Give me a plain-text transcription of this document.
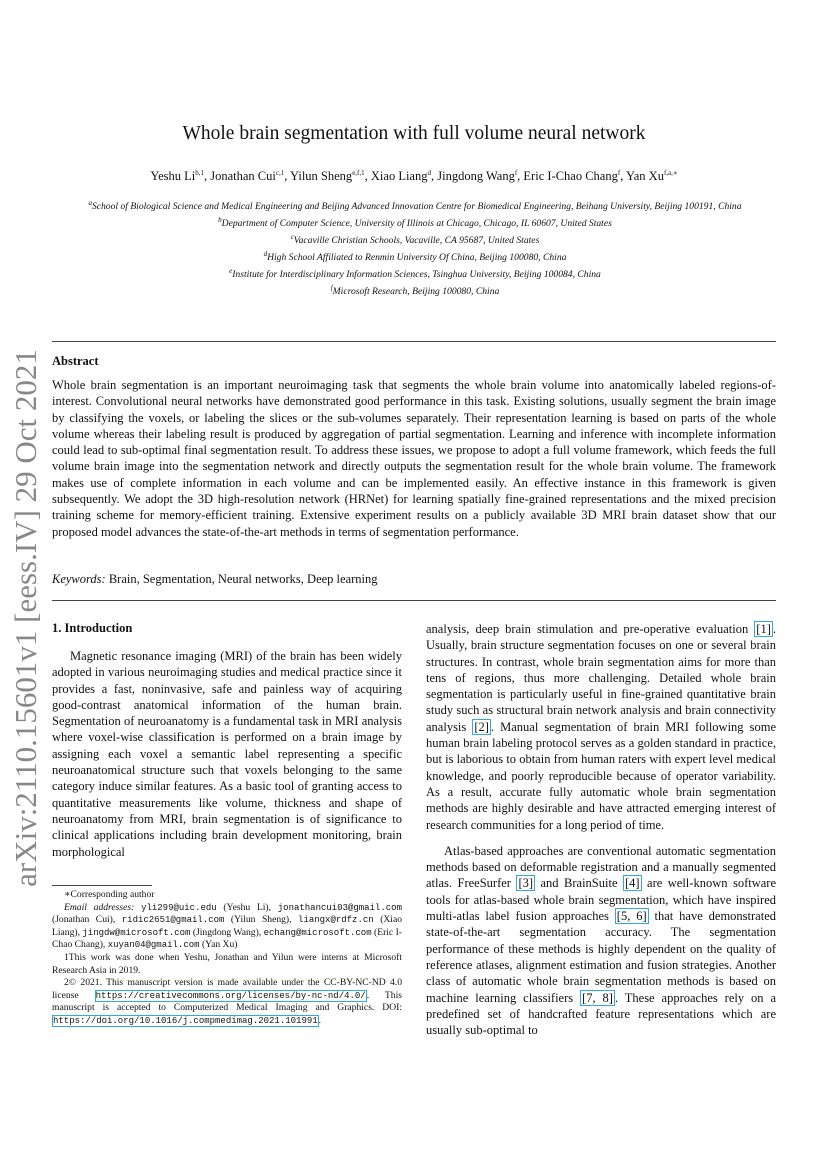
arXiv:2110.15601v1 [eess.IV] 29 Oct 2021
Whole brain segmentation with full volume neural network
Yeshu Li$^{b,1}$, Jonathan Cui$^{c,1}$, Yilun Sheng$^{e,f,1}$, Xiao Liang$^d$, Jingdong Wang$^f$, Eric I-Chao Chang$^f$, Yan $Xu^{f,a,∗}$
$^a$School of Biological Science and Medical Engineering and Beijing Advanced Innovation Centre for Biomedical Engineering, Beihang University, Beijing 100191, China
$^b$Department of Computer Science, University of Illinois at Chicago, Chicago, IL 60607, United States
$^c$Vacaville Christian Schools, Vacaville, CA 95687, United States
$^d$High School Affiliated to Renmin University Of China, Beijing 100080, China
$^e$Institute for Interdisciplinary Information Sciences, Tsinghua University, Beijing 100084, China
$^f$Microsoft Research, Beijing 100080, China
Abstract
Whole brain segmentation is an important neuroimaging task that segments the whole brain volume into anatomically labeled regions-of-interest. Convolutional neural networks have demonstrated good performance in this task. Existing solutions, usually segment the brain image by classifying the voxels, or labeling the slices or the sub-volumes separately. Their representation learning is based on parts of the whole volume whereas their labeling result is produced by aggregation of partial segmentation. Learning and inference with incomplete information could lead to sub-optimal final segmentation result. To address these issues, we propose to adopt a full volume framework, which feeds the full volume brain image into the segmentation network and directly outputs the segmentation result for the whole brain volume. The framework makes use of complete information in each volume and can be implemented easily. An effective instance in this framework is given subsequently. We adopt the 3D high-resolution network (HRNet) for learning spatially fine-grained representations and the mixed precision training scheme for memory-efficient training. Extensive experiment results on a publicly available 3D MRI brain dataset show that our proposed model advances the state-of-the-art methods in terms of segmentation performance.
Keywords: Brain, Segmentation, Neural networks, Deep learning
1. Introduction

Magnetic resonance imaging (MRI) of the brain has been widely adopted in various neuroimaging studies and medical practice since it provides a fast, noninvasive, safe and painless way of acquiring good-contrast anatomical information of the human brain. Segmentation of neuroanatomy is a fundamental task in MRI analysis where voxel-wise classification is performed on a brain image by assigning each voxel a semantic label representing a specific neuroanatomical structure such that voxels belonging to the same category induce similar features. As a basic tool of granting access to quantitative measurements like volume, thickness and shape of neuroanatomy from MRI, brain segmentation is of significance to clinical applications including brain development monitoring, brain morphological

analysis, deep brain stimulation and pre-operative evaluation [1] . Usually, brain structure segmentation focuses on one or several brain structures. In contrast, whole brain segmentation aims for more than tens of regions, thus more challenging. Detailed whole brain segmentation is particularly useful in fine-grained quantitative brain study such as structural brain network analysis and brain connectivity analysis [2] . Manual segmentation of brain MRI following some human brain labeling protocol serves as a golden standard in practice, but is laborious to obtain from human raters with expert level medical knowledge, and poorly reproducible because of operator variability. As a result, accurate fully automatic whole brain segmentation methods are highly desirable and have attracted emerging interest of research communities for a long period of time.

Atlas-based approaches are conventional automatic segmentation methods based on deformable registration and a manually segmented atlas. FreeSurfer [3] and BrainSuite [4] are well-known software tools for atlas-based whole brain segmentation, which have inspired multi-atlas label fusion approaches [5, 6] that have demonstrated state-of-the-art segmentation accuracy. The segmentation performance of these methods is highly dependent on the quality of reference atlases, alignment estimation and fusion strategies. Another class of automatic whole brain segmentation methods is based on machine learning classifiers [7, 8] . These approaches rely on a predefined set of handcrafted feature representations which are usually sub-optimal to

∗Corresponding author

Email addresses: yli299@uic.edu (Yeshu Li), jonathancui03@gmail.com (Jonathan Cui), ridic2651@gmail.com (Yilun Sheng), liangx@rdfz.cn (Xiao Liang), jingdw@microsoft.com (Jingdong Wang), echang@microsoft.com (Eric I-Chao Chang), xuyan04@gmail.com (Yan Xu)

1This work was done when Yeshu, Jonathan and Yilun were interns at Microsoft Research Asia in 2019.

2© 2021. This manuscript version is made available under the CC-BY-NC-ND 4.0 license https://creativecommons.org/licenses/by-nc-nd/4.0/. This manuscript is accepted to Computerized Medical Imaging and Graphics. DOI: https://doi.org/10.1016/j.compmedimag.2021.101991.
